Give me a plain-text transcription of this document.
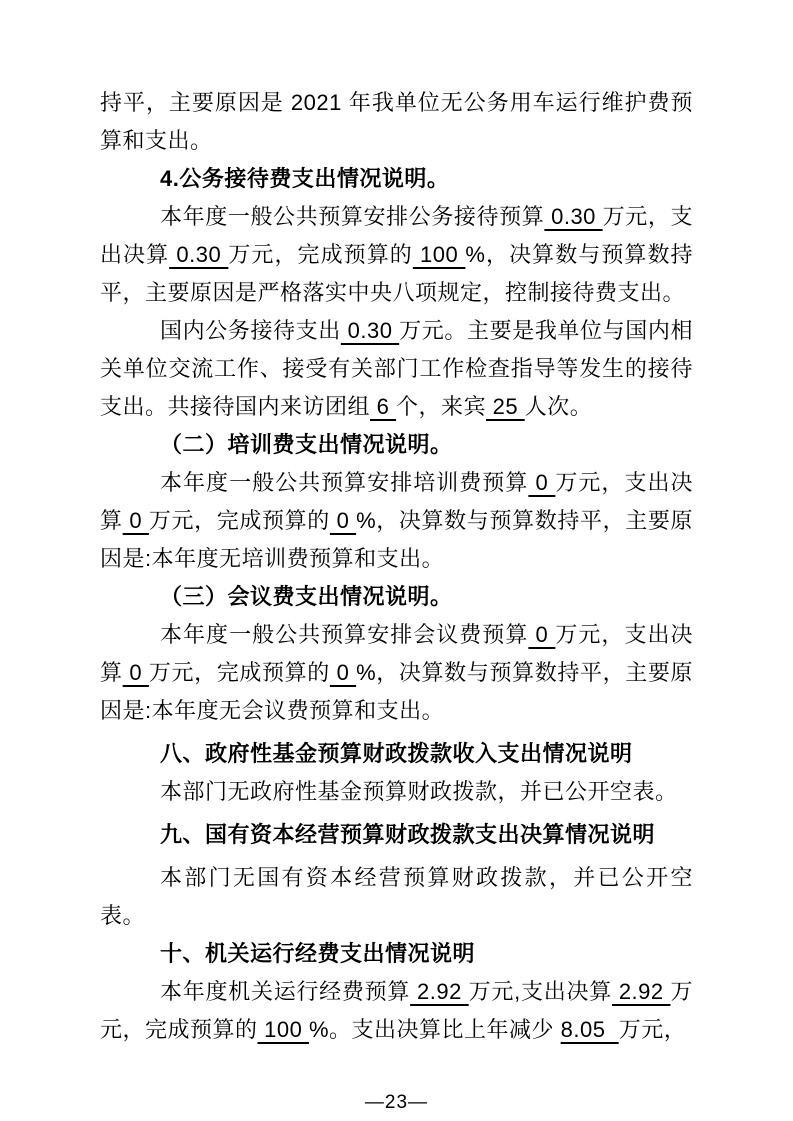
持平，主要原因是 2021 年我单位无公务用车运行维护费预算和支出。

4.公务接待费支出情况说明。

本年度一般公共预算安排公务接待预算 0.30 万元，支出决算 0.30 万元，完成预算的 100 %，决算数与预算数持平，主要原因是严格落实中央八项规定，控制接待费支出。

国内公务接待支出 0.30 万元。主要是我单位与国内相关单位交流工作、接受有关部门工作检查指导等发生的接待支出。共接待国内来访团组 6 个，来宾 25 人次。

（二）培训费支出情况说明。

本年度一般公共预算安排培训费预算 0 万元，支出决算 0 万元，完成预算的 0 %，决算数与预算数持平，主要原因是:本年度无培训费预算和支出。

（三）会议费支出情况说明。

本年度一般公共预算安排会议费预算 0 万元，支出决算 0 万元，完成预算的 0 %，决算数与预算数持平，主要原因是:本年度无会议费预算和支出。

八、政府性基金预算财政拨款收入支出情况说明

本部门无政府性基金预算财政拨款，并已公开空表。

九、国有资本经营预算财政拨款支出决算情况说明

本部门无国有资本经营预算财政拨款，并已公开空表。

十、机关运行经费支出情况说明

本年度机关运行经费预算 2.92 万元,支出决算 2.92 万元，完成预算的 100 %。支出决算比上年减少 8.05  万元，

—23—
